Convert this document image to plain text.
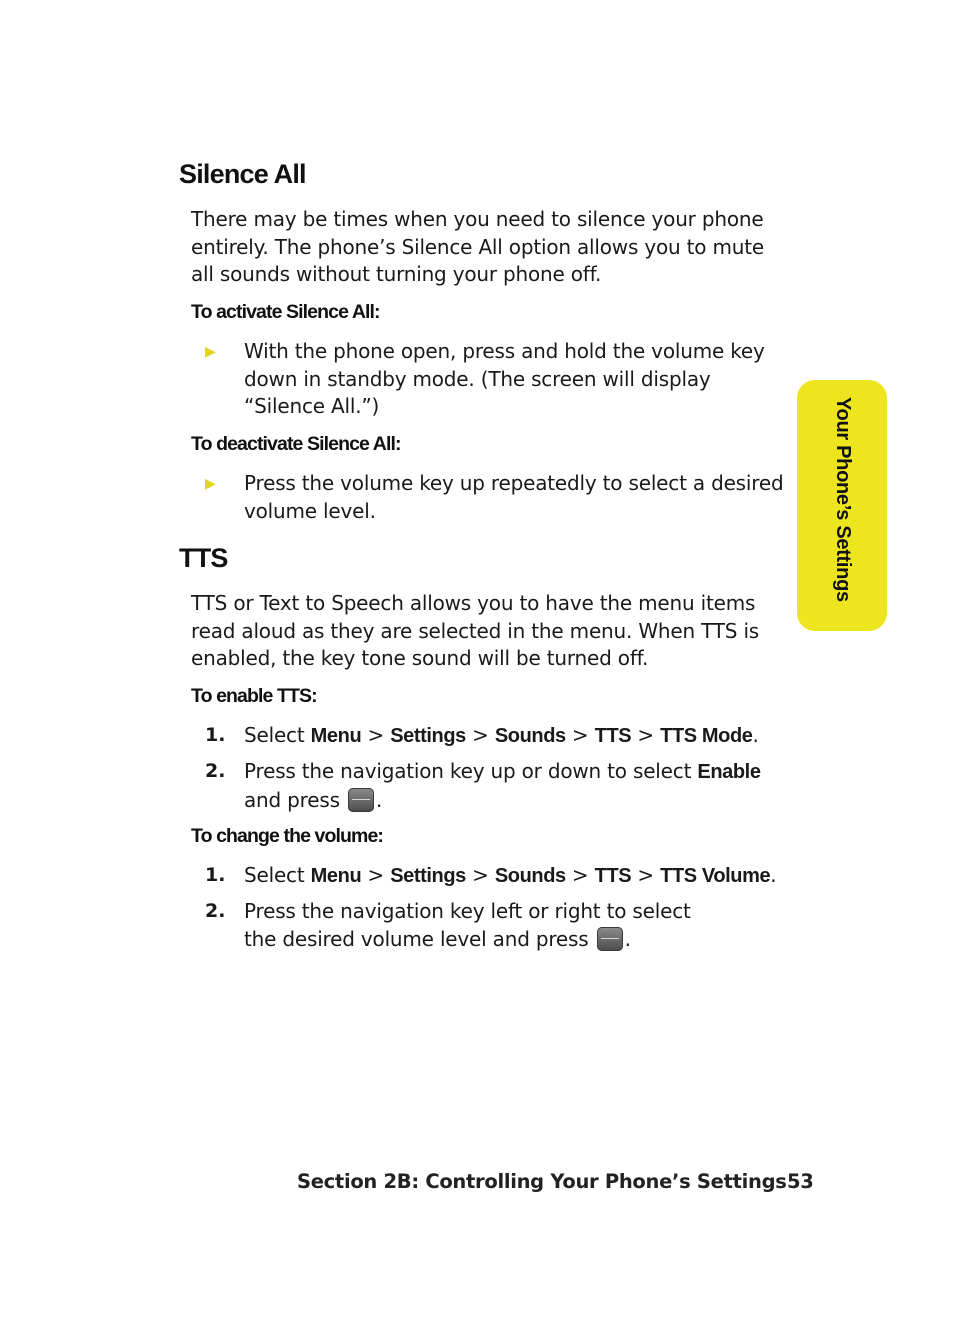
Silence All

There may be times when you need to silence your phone entirely. The phone’s Silence All option allows you to mute all sounds without turning your phone off.

To activate Silence All:
▶	With the phone open, press and hold the volume key down in standby mode. (The screen will display “Silence All.”)
To deactivate Silence All:
▶	Press the volume key up repeatedly to select a desired volume level.
TTS

TTS or Text to Speech allows you to have the menu items read aloud as they are selected in the menu. When TTS is enabled, the key tone sound will be turned off.

To enable TTS:
1. Select Menu > Settings > Sounds > TTS > TTS Mode.
2. Press the navigation key up or down to select Enable and press .
To change the volume:
1. Select Menu > Settings > Sounds > TTS > TTS Volume.
2. Press the navigation key left or right to select the desired volume level and press .
Your Phone’s Settings
Section 2B: Controlling Your Phone’s Settings 53
